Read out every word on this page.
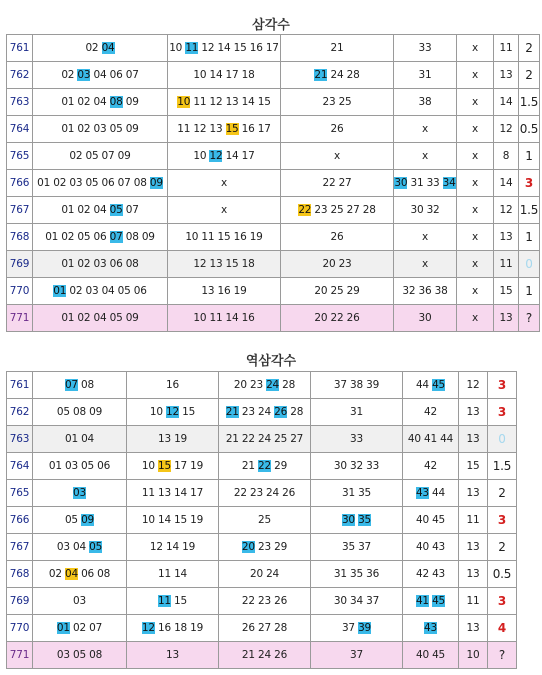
삼각수
761	02 04	10 11 12 14 15 16 17	21	33	x	11	2
762	02 03 04 06 07	10 14 17 18	21 24 28	31	x	13	2
763	01 02 04 08 09	10 11 12 13 14 15	23 25	38	x	14	1.5
764	01 02 03 05 09	11 12 13 15 16 17	26	x	x	12	0.5
765	02 05 07 09	10 12 14 17	x	x	x	8	1
766	01 02 03 05 06 07 08 09	x	22 27	30 31 33 34	x	14	3
767	01 02 04 05 07	x	22 23 25 27 28	30 32	x	12	1.5
768	01 02 05 06 07 08 09	10 11 15 16 19	26	x	x	13	1
769	01 02 03 06 08	12 13 15 18	20 23	x	x	11	0
770	01 02 03 04 05 06	13 16 19	20 25 29	32 36 38	x	15	1
771	01 02 04 05 09	10 11 14 16	20 22 26	30	x	13	?
역삼각수
761	07 08	16	20 23 24 28	37 38 39	44 45	12	3
762	05 08 09	10 12 15	21 23 24 26 28	31	42	13	3
763	01 04	13 19	21 22 24 25 27	33	40 41 44	13	0
764	01 03 05 06	10 15 17 19	21 22 29	30 32 33	42	15	1.5
765	03	11 13 14 17	22 23 24 26	31 35	43 44	13	2
766	05 09	10 14 15 19	25	30 35	40 45	11	3
767	03 04 05	12 14 19	20 23 29	35 37	40 43	13	2
768	02 04 06 08	11 14	20 24	31 35 36	42 43	13	0.5
769	03	11 15	22 23 26	30 34 37	41 45	11	3
770	01 02 07	12 16 18 19	26 27 28	37 39	43	13	4
771	03 05 08	13	21 24 26	37	40 45	10	?
